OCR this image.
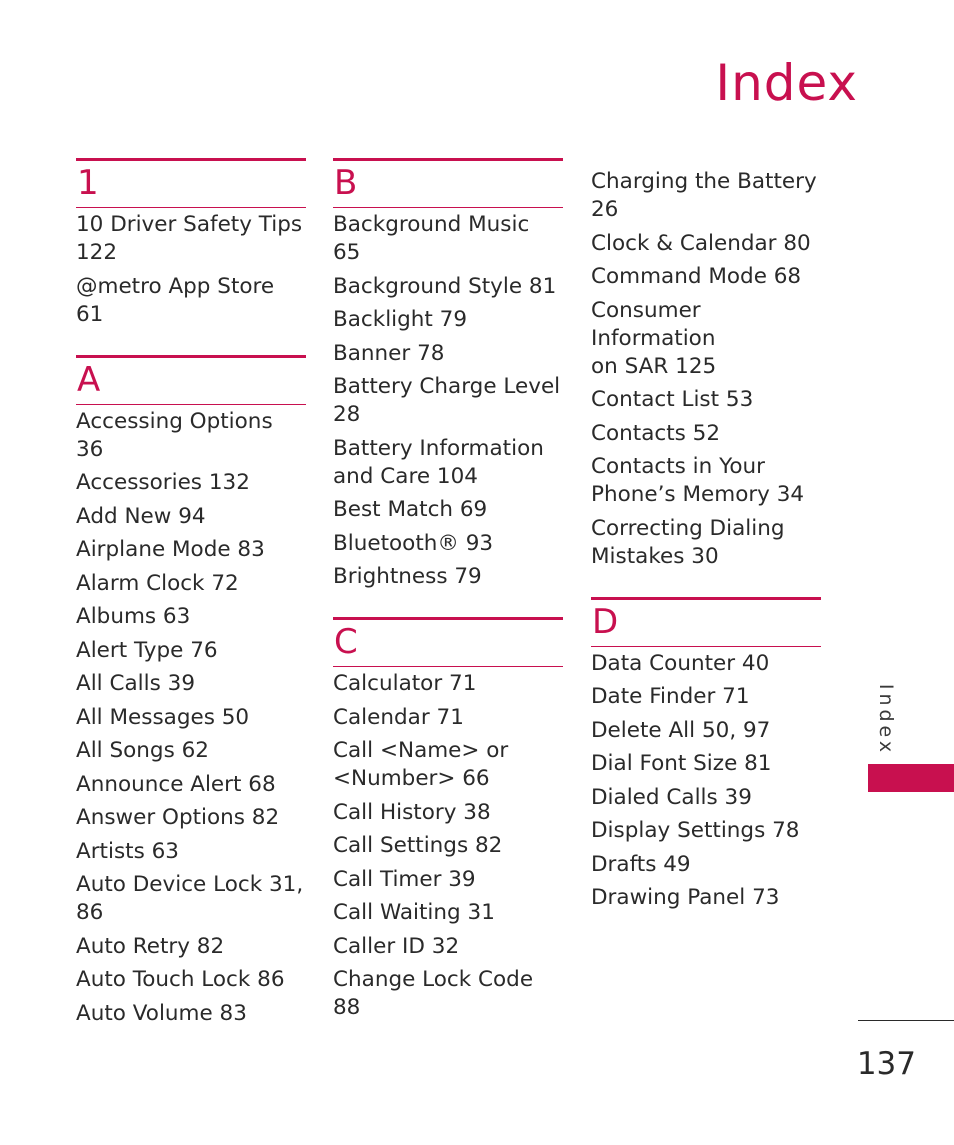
Index
1
10 Driver Safety Tips
122
@metro App Store 61
A
Accessing Options 36
Accessories 132
Add New 94
Airplane Mode 83
Alarm Clock 72
Albums 63
Alert Type 76
All Calls 39
All Messages 50
All Songs 62
Announce Alert 68
Answer Options 82
Artists 63
Auto Device Lock 31,
86
Auto Retry 82
Auto Touch Lock 86
Auto Volume 83
B
Background Music 65
Background Style 81
Backlight 79
Banner 78
Battery Charge Level
28
Battery Information
and Care 104
Best Match 69
Bluetooth® 93
Brightness 79
C
Calculator 71
Calendar 71
Call <Name> or
<Number> 66
Call History 38
Call Settings 82
Call Timer 39
Call Waiting 31
Caller ID 32
Change Lock Code 88
Charging the Battery
26
Clock & Calendar 80
Command Mode 68
Consumer Information
on SAR 125
Contact List 53
Contacts 52
Contacts in Your
Phone’s Memory 34
Correcting Dialing
Mistakes 30
D
Data Counter 40
Date Finder 71
Delete All 50, 97
Dial Font Size 81
Dialed Calls 39
Display Settings 78
Drafts 49
Drawing Panel 73
Index
137
